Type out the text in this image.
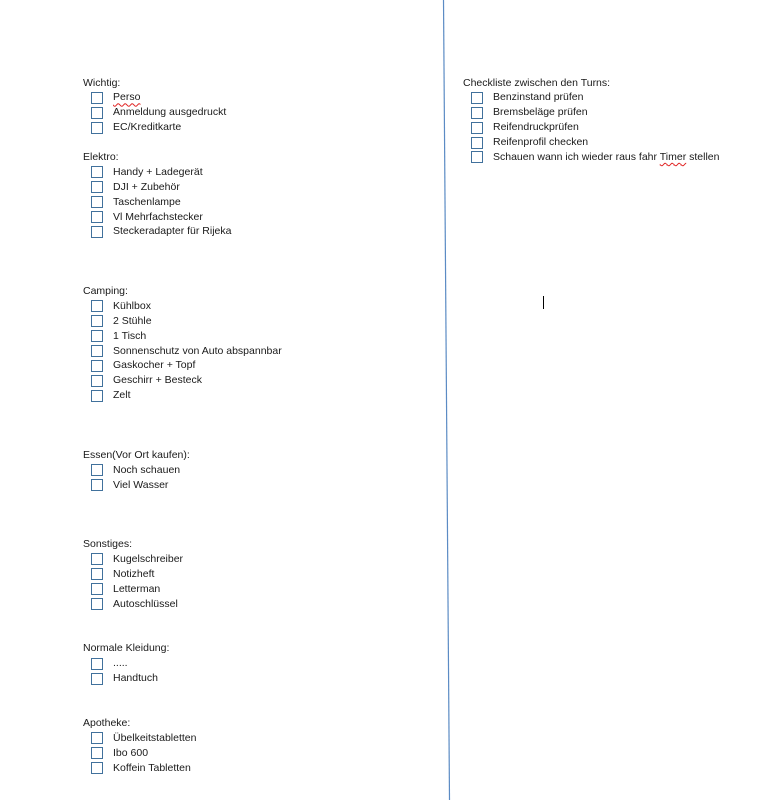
Wichtig:
Perso
Anmeldung ausgedruckt
EC/Kreditkarte
Elektro:
Handy + Ladegerät
DJI + Zubehör
Taschenlampe
Vl Mehrfachstecker
Steckeradapter für Rijeka
Camping:
Kühlbox
2 Stühle
1 Tisch
Sonnenschutz von Auto abspannbar
Gaskocher + Topf
Geschirr + Besteck
Zelt
Essen(Vor Ort kaufen):
Noch schauen
Viel Wasser
Sonstiges:
Kugelschreiber
Notizheft
Letterman
Autoschlüssel
Normale Kleidung:
.....
Handtuch
Apotheke:
Übelkeitstabletten
Ibo 600
Koffein Tabletten
Checkliste zwischen den Turns:
Benzinstand prüfen
Bremsbeläge prüfen
Reifendruckprüfen
Reifenprofil checken
Schauen wann ich wieder raus fahr Timer stellen
